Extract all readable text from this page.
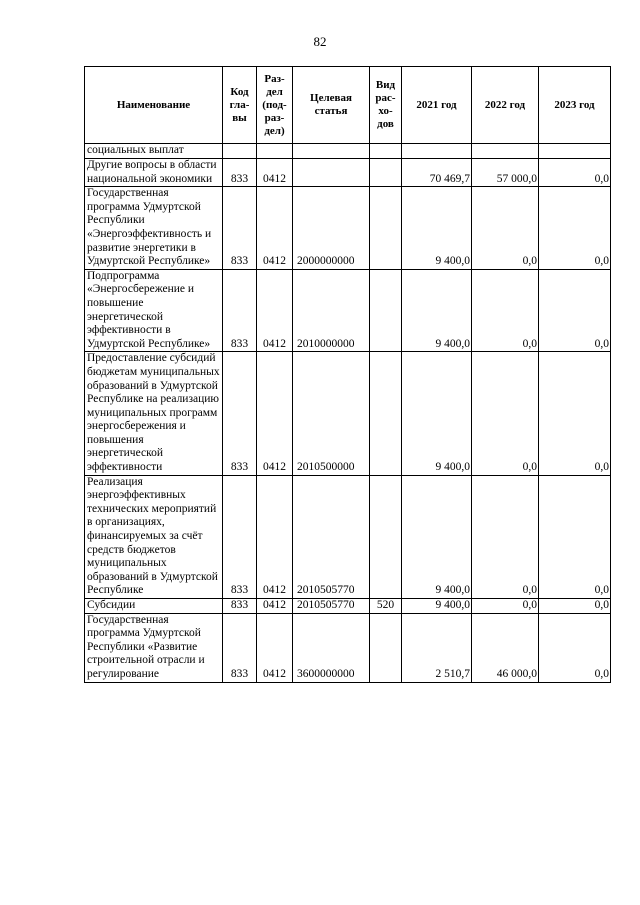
82
Наименование	Код гла- вы	Раз- дел (под- раз- дел)	Целевая статья	Вид рас- хо- дов	2021 год	2022 год	2023 год
социальных выплат							
Другие вопросы в области национальной экономики	833	0412			70 469,7	57 000,0	0,0
Государственная программа Удмуртской Республики «Энергоэффективность и развитие энергетики в Удмуртской Республике»	833	0412	2000000000		9 400,0	0,0	0,0
Подпрограмма «Энергосбережение и повышение энергетической эффективности в Удмуртской Республике»	833	0412	2010000000		9 400,0	0,0	0,0
Предоставление субсидий бюджетам муниципальных образований в Удмуртской Республике на реализацию муниципальных программ энергосбережения и повышения энергетической эффективности	833	0412	2010500000		9 400,0	0,0	0,0
Реализация энергоэффективных технических мероприятий в организациях, финансируемых за счёт средств бюджетов муниципальных образований в Удмуртской Республике	833	0412	2010505770		9 400,0	0,0	0,0
Субсидии	833	0412	2010505770	520	9 400,0	0,0	0,0
Государственная программа Удмуртской Республики «Развитие строительной отрасли и регулирование	833	0412	3600000000		2 510,7	46 000,0	0,0
